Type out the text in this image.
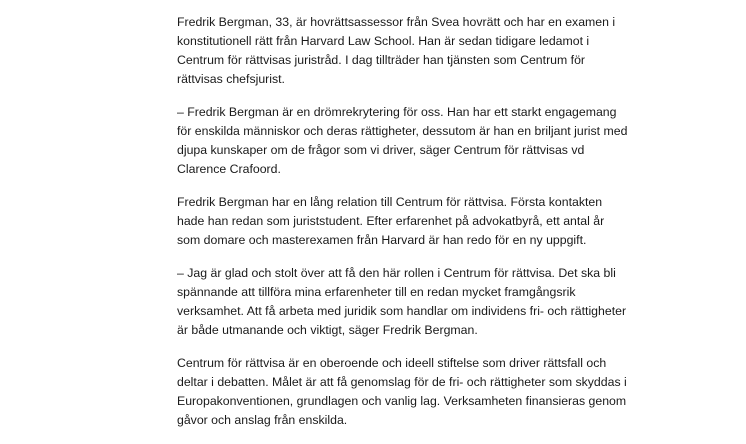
Fredrik Bergman, 33, är hovrättsassessor från Svea hovrätt och har en examen i
konstitutionell rätt från Harvard Law School. Han är sedan tidigare ledamot i
Centrum för rättvisas juristråd. I dag tillträder han tjänsten som Centrum för
rättvisas chefsjurist.

– Fredrik Bergman är en drömrekrytering för oss. Han har ett starkt engagemang
för enskilda människor och deras rättigheter, dessutom är han en briljant jurist med
djupa kunskaper om de frågor som vi driver, säger Centrum för rättvisas vd
Clarence Crafoord.

Fredrik Bergman har en lång relation till Centrum för rättvisa. Första kontakten
hade han redan som juriststudent. Efter erfarenhet på advokatbyrå, ett antal år
som domare och masterexamen från Harvard är han redo för en ny uppgift.

– Jag är glad och stolt över att få den här rollen i Centrum för rättvisa. Det ska bli
spännande att tillföra mina erfarenheter till en redan mycket framgångsrik
verksamhet. Att få arbeta med juridik som handlar om individens fri- och rättigheter
är både utmanande och viktigt, säger Fredrik Bergman.

Centrum för rättvisa är en oberoende och ideell stiftelse som driver rättsfall och
deltar i debatten. Målet är att få genomslag för de fri- och rättigheter som skyddas i
Europakonventionen, grundlagen och vanlig lag. Verksamheten finansieras genom
gåvor och anslag från enskilda.
